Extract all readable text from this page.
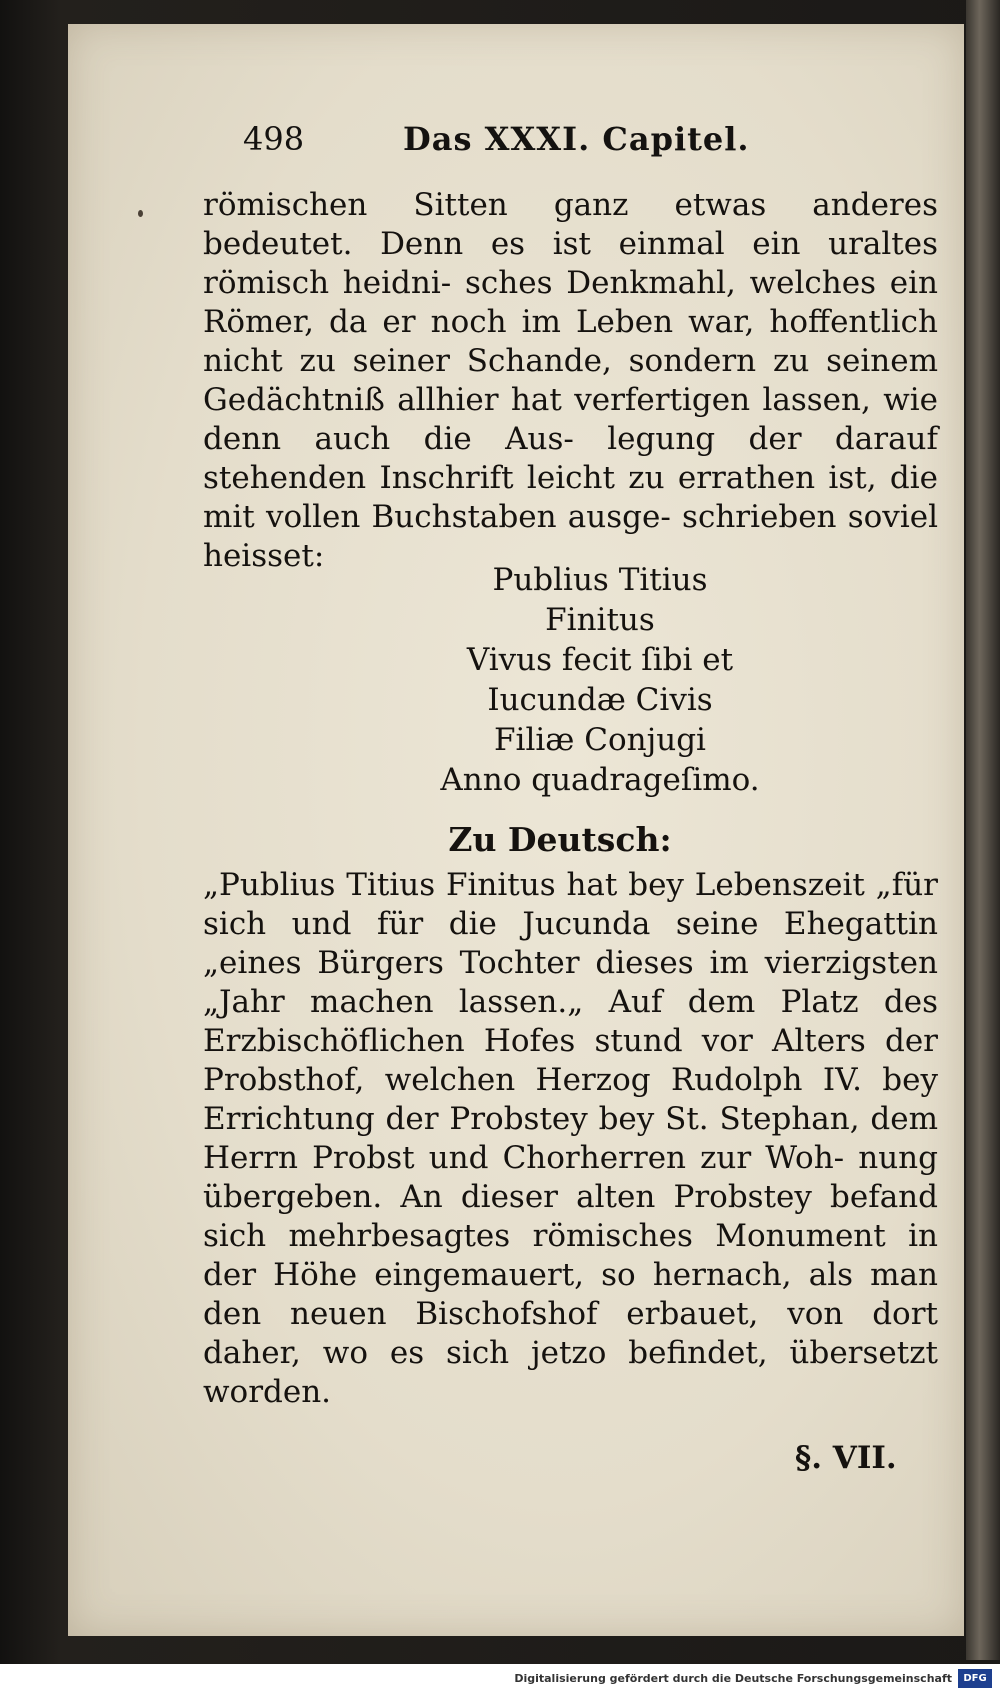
498	Das XXXI. Capitel.

römischen Sitten ganz etwas anderes bedeutet. Denn es ist einmal ein uraltes römisch heidni- sches Denkmahl, welches ein Römer, da er noch im Leben war, hoffentlich nicht zu seiner Schande, sondern zu seinem Gedächtniß allhier hat verfertigen lassen, wie denn auch die Aus- legung der darauf stehenden Inschrift leicht zu errathen ist, die mit vollen Buchstaben ausge- schrieben soviel heisset:

Publius Titius
Finitus
Vivus fecit ſibi et
Iucundæ Civis
Filiæ Conjugi
Anno quadrageſimo.
Zu Deutsch:

„Publius Titius Finitus hat bey Lebenszeit „für sich und für die Jucunda seine Ehegattin „eines Bürgers Tochter dieses im vierzigsten „Jahr machen lassen.„ Auf dem Platz des Erzbischöflichen Hofes stund vor Alters der Probsthof, welchen Herzog Rudolph IV. bey Errichtung der Probstey bey St. Stephan, dem Herrn Probst und Chorherren zur Woh- nung übergeben. An dieser alten Probstey befand sich mehrbesagtes römisches Monument in der Höhe eingemauert, so hernach, als man den neuen Bischofshof erbauet, von dort daher, wo es sich jetzo befindet, übersetzt worden.

§. VII.
Digitalisierung gefördert durch die Deutsche Forschungsgemeinschaft	DFG
